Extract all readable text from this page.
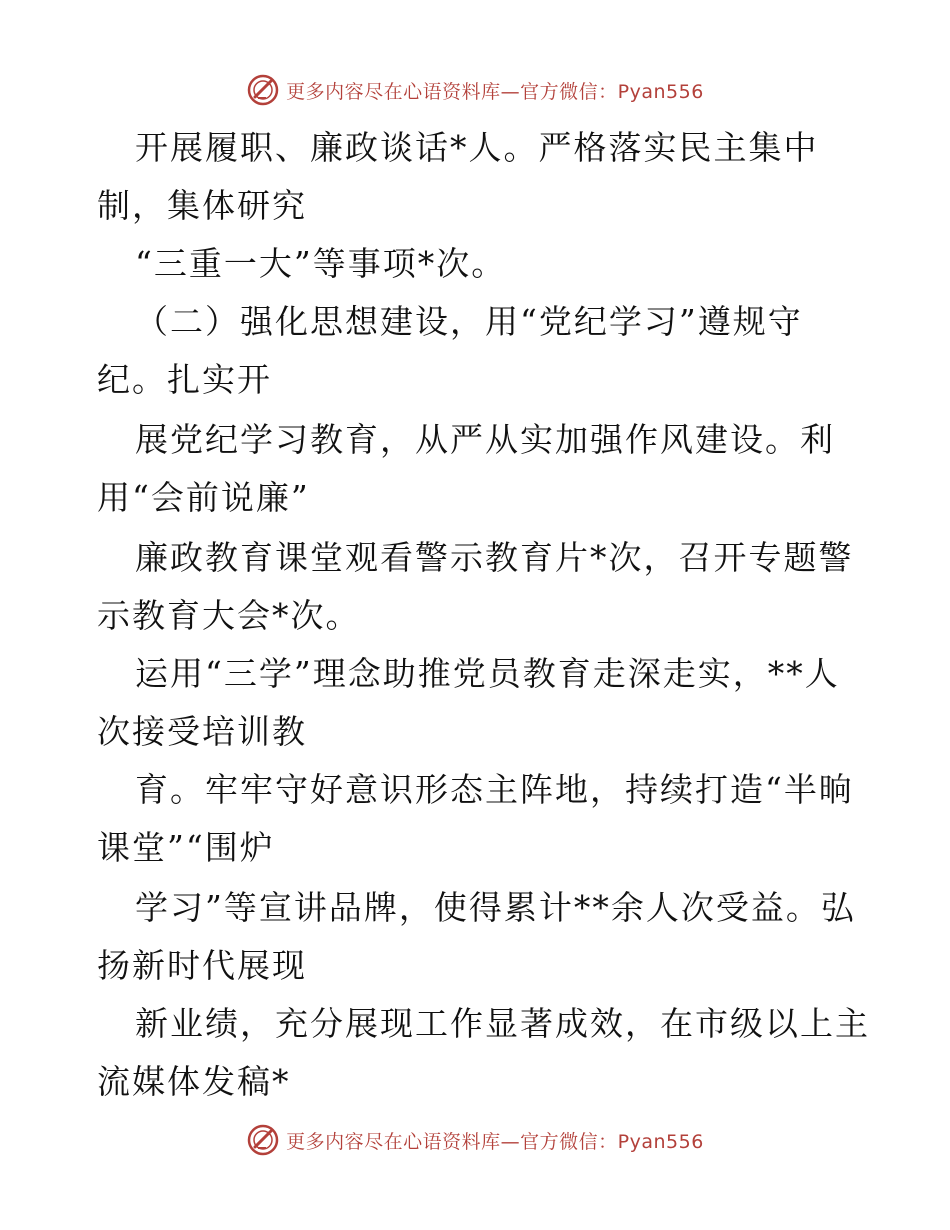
更多内容尽在心语资料库—官方微信：Pyan556
开展履职、廉政谈话*人。严格落实民主集中
制，集体研究
“三重一大”等事项*次。
（二）强化思想建设，用“党纪学习”遵规守
纪。扎实开
展党纪学习教育，从严从实加强作风建设。利
用“会前说廉”
廉政教育课堂观看警示教育片*次，召开专题警
示教育大会*次。
运用“三学”理念助推党员教育走深走实，**人
次接受培训教
育。牢牢守好意识形态主阵地，持续打造“半晌
课堂”“围炉
学习”等宣讲品牌，使得累计**余人次受益。弘
扬新时代展现
新业绩，充分展现工作显著成效，在市级以上主
流媒体发稿*
更多内容尽在心语资料库—官方微信：Pyan556
